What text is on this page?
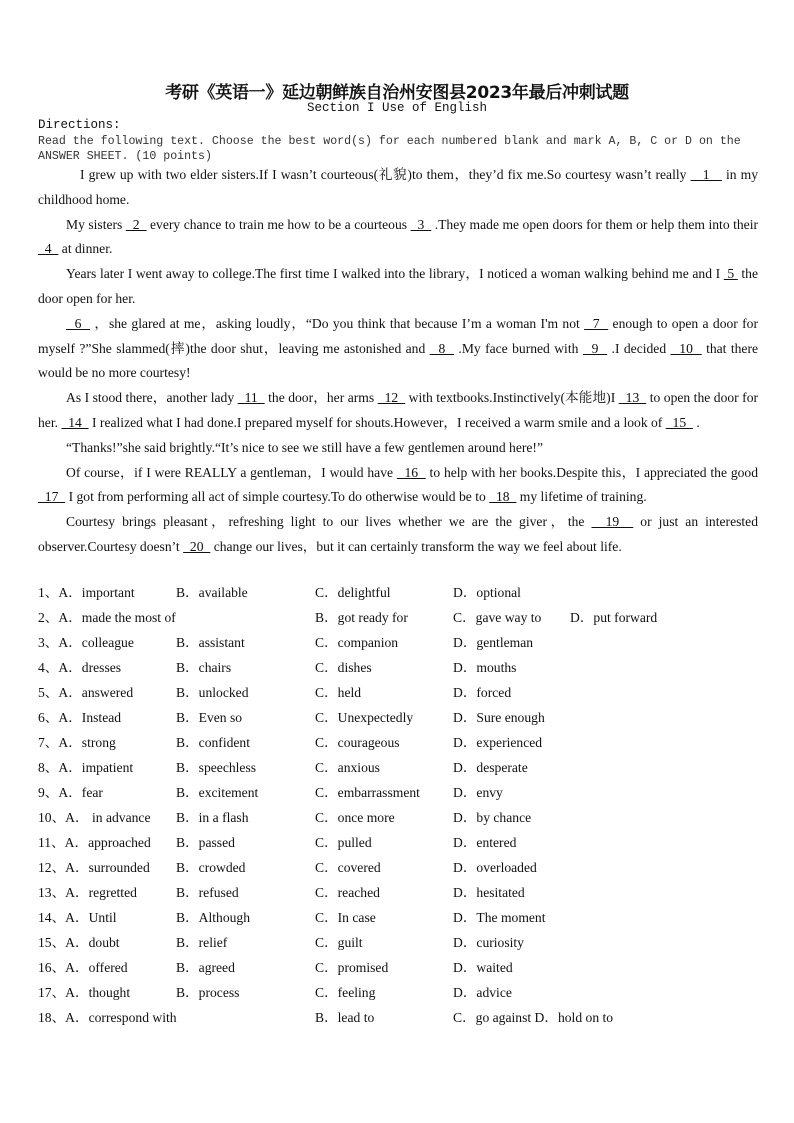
考研《英语一》延边朝鲜族自治州安图县2023年最后冲刺试题
Section I Use of English
Directions:
Read the following text. Choose the best word(s) for each numbered blank and mark A, B, C or D on the ANSWER SHEET. (10 points)

I grew up with two elder sisters.If I wasn’t courteous(礼貌)to them，they’d fix me.So courtesy wasn’t really    1    in my childhood home.

My sisters   2   every chance to train me how to be a courteous   3   .They made me open doors for them or help them into their   4   at dinner.

Years later I went away to college.The first time I walked into the library，I noticed a woman walking behind me and I  5  the door open for her.

6   ，she glared at me，asking loudly，“Do you think that because I’m a woman I'm not   7   enough to open a door for myself ?”She slammed(摔)the door shut，leaving me astonished and   8   .My face burned with   9   .I decided   10   that there would be no more courtesy!

As I stood there，another lady   11   the door，her arms   12   with textbooks.Instinctively(本能地)I   13   to open the door for her.   14   I realized what I had done.I prepared myself for shouts.However，I received a warm smile and a look of   15   .

“Thanks!”she said brightly.“It’s nice to see we still have a few gentlemen around here!”

Of course，if I were REALLY a gentleman，I would have   16   to help with her books.Despite this，I appreciated the good   17   I got from performing all act of simple courtesy.To do otherwise would be to   18   my lifetime of training.

Courtesy brings pleasant，refreshing light to our lives whether we are the giver，the   19   or just an interested observer.Courtesy doesn’t   20   change our lives，but it can certainly transform the way we feel about life.

1、A．important	B．available	C．delightful	D．optional
2、A．made the most of	B．got ready for	C．gave way to D．put forward
3、A．colleague	B．assistant	C．companion	D．gentleman
4、A．dresses	B．chairs	C．dishes	D．mouths
5、A．answered	B．unlocked	C．held	D．forced
6、A．Instead	B．Even so	C．Unexpectedly	D．Sure enough
7、A．strong	B．confident	C．courageous	D．experienced
8、A．impatient	B．speechless	C．anxious	D．desperate
9、A．fear	B．excitement	C．embarrassment D．envy
10、A． in advance B．in a flash	C．once more	D．by chance
11、A．approached B．passed	C．pulled	D．entered
12、A．surrounded B．crowded	C．covered	D．overloaded
13、A．regretted	B．refused	C．reached	D．hesitated
14、A．Until	B．Although	C．In case	D．The moment
15、A．doubt	B．relief	C．guilt	D．curiosity
16、A．offered	B．agreed	C．promised	D．waited
17、A．thought	B．process	C．feeling	D．advice
18、A．correspond with	B．lead to	C．go against D．hold on to
